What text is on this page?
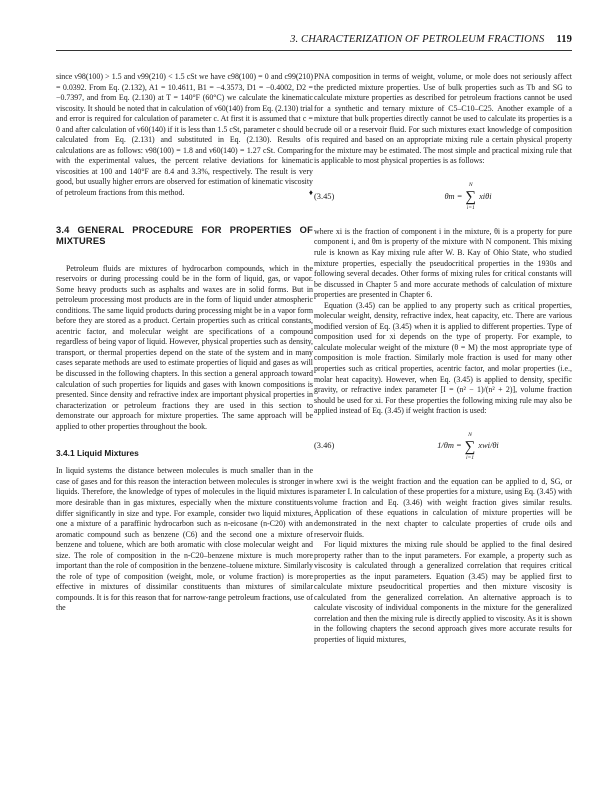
3. CHARACTERIZATION OF PETROLEUM FRACTIONS 119

since ν98(100) > 1.5 and ν99(210) < 1.5 cSt we have c98(100) = 0 and c99(210) = 0.0392. From Eq. (2.132), A1 = 10.4611, B1 = −4.3573, D1 = −0.4002, D2 = −0.7397, and from Eq. (2.130) at T = 140°F (60°C) we calculate the kinematic viscosity. It should be noted that in calculation of ν60(140) from Eq. (2.130) trial and error is required for calculation of parameter c. At first it is assumed that c = 0 and after calculation of ν60(140) if it is less than 1.5 cSt, parameter c should be calculated from Eq. (2.131) and substituted in Eq. (2.130). Results of calculations are as follows: ν98(100) = 1.8 and ν60(140) = 1.27 cSt. Comparing with the experimental values, the percent relative deviations for kinematic viscosities at 100 and 140°F are 8.4 and 3.3%, respectively. The result is very good, but usually higher errors are observed for estimation of kinematic viscosity of petroleum fractions from this method.	♦

3.4 GENERAL PROCEDURE FOR PROPERTIES OF MIXTURES

Petroleum fluids are mixtures of hydrocarbon compounds, which in the reservoirs or during processing could be in the form of liquid, gas, or vapor. Some heavy products such as asphalts and waxes are in solid forms. But in petroleum processing most products are in the form of liquid under atmospheric conditions. The same liquid products during processing might be in a vapor form before they are stored as a product. Certain properties such as critical constants, acentric factor, and molecular weight are specifications of a compound regardless of being vapor of liquid. However, physical properties such as density, transport, or thermal properties depend on the state of the system and in many cases separate methods are used to estimate properties of liquid and gases as will be discussed in the following chapters. In this section a general approach toward calculation of such properties for liquids and gases with known compositions is presented. Since density and refractive index are important physical properties in characterization or petroleum fractions they are used in this section to demonstrate our approach for mixture properties. The same approach will be applied to other properties throughout the book.

3.4.1 Liquid Mixtures

In liquid systems the distance between molecules is much smaller than in the case of gases and for this reason the interaction between molecules is stronger in liquids. Therefore, the knowledge of types of molecules in the liquid mixtures is more desirable than in gas mixtures, especially when the mixture constituents differ significantly in size and type. For example, consider two liquid mixtures, one a mixture of a paraffinic hydrocarbon such as n-eicosane (n-C20) with an aromatic compound such as benzene (C6) and the second one a mixture of benzene and toluene, which are both aromatic with close molecular weight and size. The role of composition in the n-C20–benzene mixture is much more important than the role of composition in the benzene–toluene mixture. Similarly the role of type of composition (weight, mole, or volume fraction) is more effective in mixtures of dissimilar constituents than mixtures of similar compounds. It is for this reason that for narrow-range petroleum fractions, use of the

PNA composition in terms of weight, volume, or mole does not seriously affect the predicted mixture properties. Use of bulk properties such as Tb and SG to calculate mixture properties as described for petroleum fractions cannot be used for a synthetic and ternary mixture of C5–C10–C25. Another example of a mixture that bulk properties directly cannot be used to calculate its properties is a crude oil or a reservoir fluid. For such mixtures exact knowledge of composition is required and based on an appropriate mixing rule a certain physical property for the mixture may be estimated. The most simple and practical mixing rule that is applicable to most physical properties is as follows:

(3.45)	θm =
N
∑
i=1
xiθi

where xi is the fraction of component i in the mixture, θi is a property for pure component i, and θm is property of the mixture with N component. This mixing rule is known as Kay mixing rule after W. B. Kay of Ohio State, who studied mixture properties, especially the pseudocritical properties in the 1930s and following several decades. Other forms of mixing rules for critical constants will be discussed in Chapter 5 and more accurate methods of calculation of mixture properties are presented in Chapter 6.

Equation (3.45) can be applied to any property such as critical properties, molecular weight, density, refractive index, heat capacity, etc. There are various modified version of Eq. (3.45) when it is applied to different properties. Type of composition used for xi depends on the type of property. For example, to calculate molecular weight of the mixture (θ = M) the most appropriate type of composition is mole fraction. Similarly mole fraction is used for many other properties such as critical properties, acentric factor, and molar properties (i.e., molar heat capacity). However, when Eq. (3.45) is applied to density, specific gravity, or refractive index parameter [I = (n² − 1)/(n² + 2)], volume fraction should be used for xi. For these properties the following mixing rule may also be applied instead of Eq. (3.45) if weight fraction is used:

(3.46)	1/θm =
N
∑
i=1
xwi/θi

where xwi is the weight fraction and the equation can be applied to d, SG, or parameter I. In calculation of these properties for a mixture, using Eq. (3.45) with volume fraction and Eq. (3.46) with weight fraction gives similar results. Application of these equations in calculation of mixture properties will be demonstrated in the next chapter to calculate properties of crude oils and reservoir fluids.

For liquid mixtures the mixing rule should be applied to the final desired property rather than to the input parameters. For example, a property such as viscosity is calculated through a generalized correlation that requires critical properties as the input parameters. Equation (3.45) may be applied first to calculate mixture pseudocritical properties and then mixture viscosity is calculated from the generalized correlation. An alternative approach is to calculate viscosity of individual components in the mixture for the generalized correlation and then the mixing rule is directly applied to viscosity. As it is shown in the following chapters the second approach gives more accurate results for properties of liquid mixtures,
